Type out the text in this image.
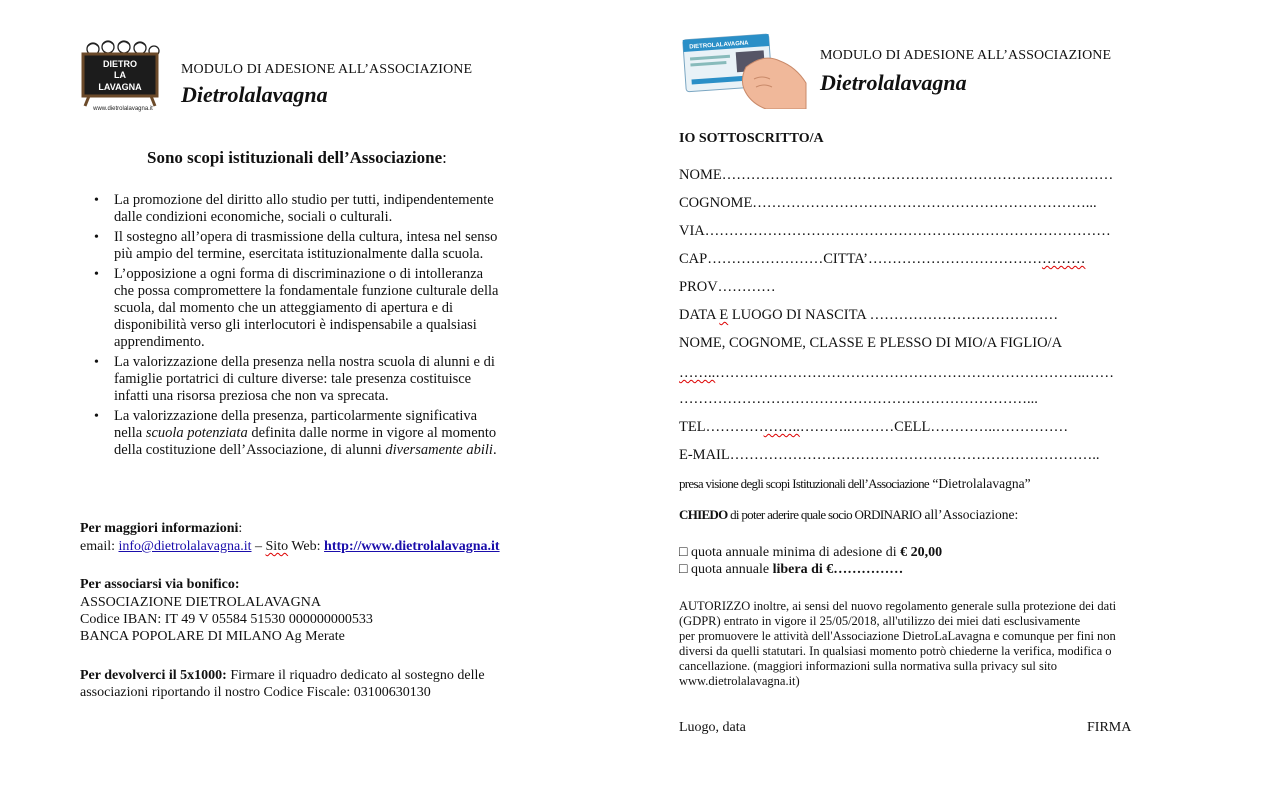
DIETRO
LA
LAVAGNA
www.dietrolalavagna.it
MODULO DI ADESIONE ALL’ASSOCIAZIONE
Dietrolalavagna
Sono scopi istituzionali dell’Associazione:
• La promozione del diritto allo studio per tutti, indipendentemente
dalle condizioni economiche, sociali o culturali.
• Il sostegno all’opera di trasmissione della cultura, intesa nel senso
più ampio del termine, esercitata istituzionalmente dalla scuola.
• L’opposizione a ogni forma di discriminazione o di intolleranza
che possa compromettere la fondamentale funzione culturale della
scuola, dal momento che un atteggiamento di apertura e di
disponibilità verso gli interlocutori è indispensabile a qualsiasi
apprendimento.
• La valorizzazione della presenza nella nostra scuola di alunni e di
famiglie portatrici di culture diverse: tale presenza costituisce
infatti una risorsa preziosa che non va sprecata.
• La valorizzazione della presenza, particolarmente significativa
nella scuola potenziata definita dalle norme in vigore al momento
della costituzione dell’Associazione, di alunni diversamente abili.
Per maggiori informazioni:
email: info@dietrolalavagna.it – Sito Web: http://www.dietrolalavagna.it
Per associarsi via bonifico:
ASSOCIAZIONE DIETROLALAVAGNA
Codice IBAN: IT 49 V 05584 51530 000000000533
BANCA POPOLARE DI MILANO Ag Merate
Per devolverci il 5x1000: Firmare il riquadro dedicato al sostegno delle
associazioni riportando il nostro Codice Fiscale: 03100630130
DIETROLALAVAGNA
MODULO DI ADESIONE ALL’ASSOCIAZIONE
Dietrolalavagna
IO SOTTOSCRITTO/A
NOME………………………………………………………………………
COGNOME……………………………………………………………...
VIA…………………………………………………………………………
CAP……………………CITTA’………………………………………
PROV…………
DATA E LUOGO DI NASCITA …………………………………
NOME, COGNOME, CLASSE E PLESSO DI MIO/A FIGLIO/A
……..…………………………………………………………………..……
………………………………………………………………...
TEL………………..………..………CELL…………..……………
E-MAIL…………………………………………………………………..
presa visione degli scopi Istituzionali dell’Associazione “Dietrolalavagna”
CHIEDO di poter aderire quale socio ORDINARIO all’Associazione:
□ quota annuale minima di adesione di € 20,00
□ quota annuale libera di €……………
AUTORIZZO inoltre, ai sensi del nuovo regolamento generale sulla protezione dei dati
(GDPR) entrato in vigore il 25/05/2018, all'utilizzo dei miei dati esclusivamente
per promuovere le attività dell'Associazione DietroLaLavagna e comunque per fini non
diversi da quelli statutari. In qualsiasi momento potrò chiederne la verifica, modifica o
cancellazione. (maggiori informazioni sulla normativa sulla privacy sul sito
www.dietrolalavagna.it)
Luogo, data	FIRMA
